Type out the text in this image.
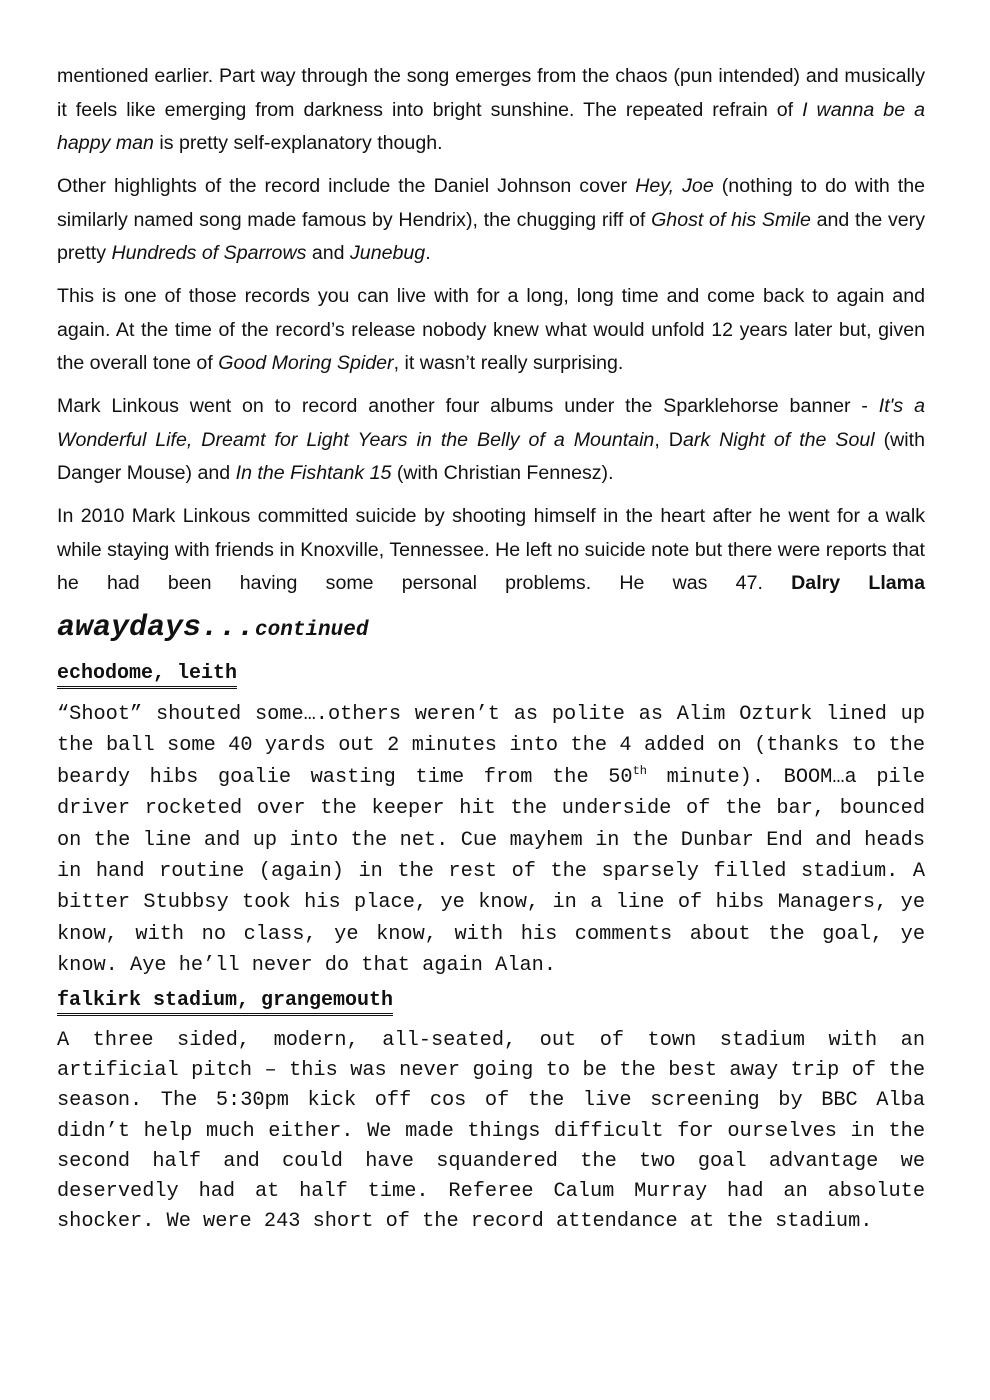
mentioned earlier. Part way through the song emerges from the chaos (pun intended) and musically it feels like emerging from darkness into bright sunshine. The repeated refrain of I wanna be a happy man is pretty self-explanatory though.

Other highlights of the record include the Daniel Johnson cover Hey, Joe (nothing to do with the similarly named song made famous by Hendrix), the chugging riff of Ghost of his Smile and the very pretty Hundreds of Sparrows and Junebug.

This is one of those records you can live with for a long, long time and come back to again and again. At the time of the record’s release nobody knew what would unfold 12 years later but, given the overall tone of Good Moring Spider, it wasn’t really surprising.

Mark Linkous went on to record another four albums under the Sparklehorse banner - It's a Wonderful Life, Dreamt for Light Years in the Belly of a Mountain, Dark Night of the Soul (with Danger Mouse) and In the Fishtank 15 (with Christian Fennesz).

In 2010 Mark Linkous committed suicide by shooting himself in the heart after he went for a walk while staying with friends in Knoxville, Tennessee. He left no suicide note but there were reports that he had been having some personal problems. He was 47. Dalry Llama

awaydays...continued
echodome, leith

“Shoot” shouted some….others weren’t as polite as Alim Ozturk lined up the ball some 40 yards out 2 minutes into the 4 added on (thanks to the beardy hibs goalie wasting time from the 50th minute). BOOM…a pile driver rocketed over the keeper hit the underside of the bar, bounced on the line and up into the net. Cue mayhem in the Dunbar End and heads in hand routine (again) in the rest of the sparsely filled stadium. A bitter Stubbsy took his place, ye know, in a line of hibs Managers, ye know, with no class, ye know, with his comments about the goal, ye know. Aye he’ll never do that again Alan.

falkirk stadium, grangemouth

A three sided, modern, all-seated, out of town stadium with an artificial pitch – this was never going to be the best away trip of the season. The 5:30pm kick off cos of the live screening by BBC Alba didn’t help much either. We made things difficult for ourselves in the second half and could have squandered the two goal advantage we deservedly had at half time. Referee Calum Murray had an absolute shocker. We were 243 short of the record attendance at the stadium.
